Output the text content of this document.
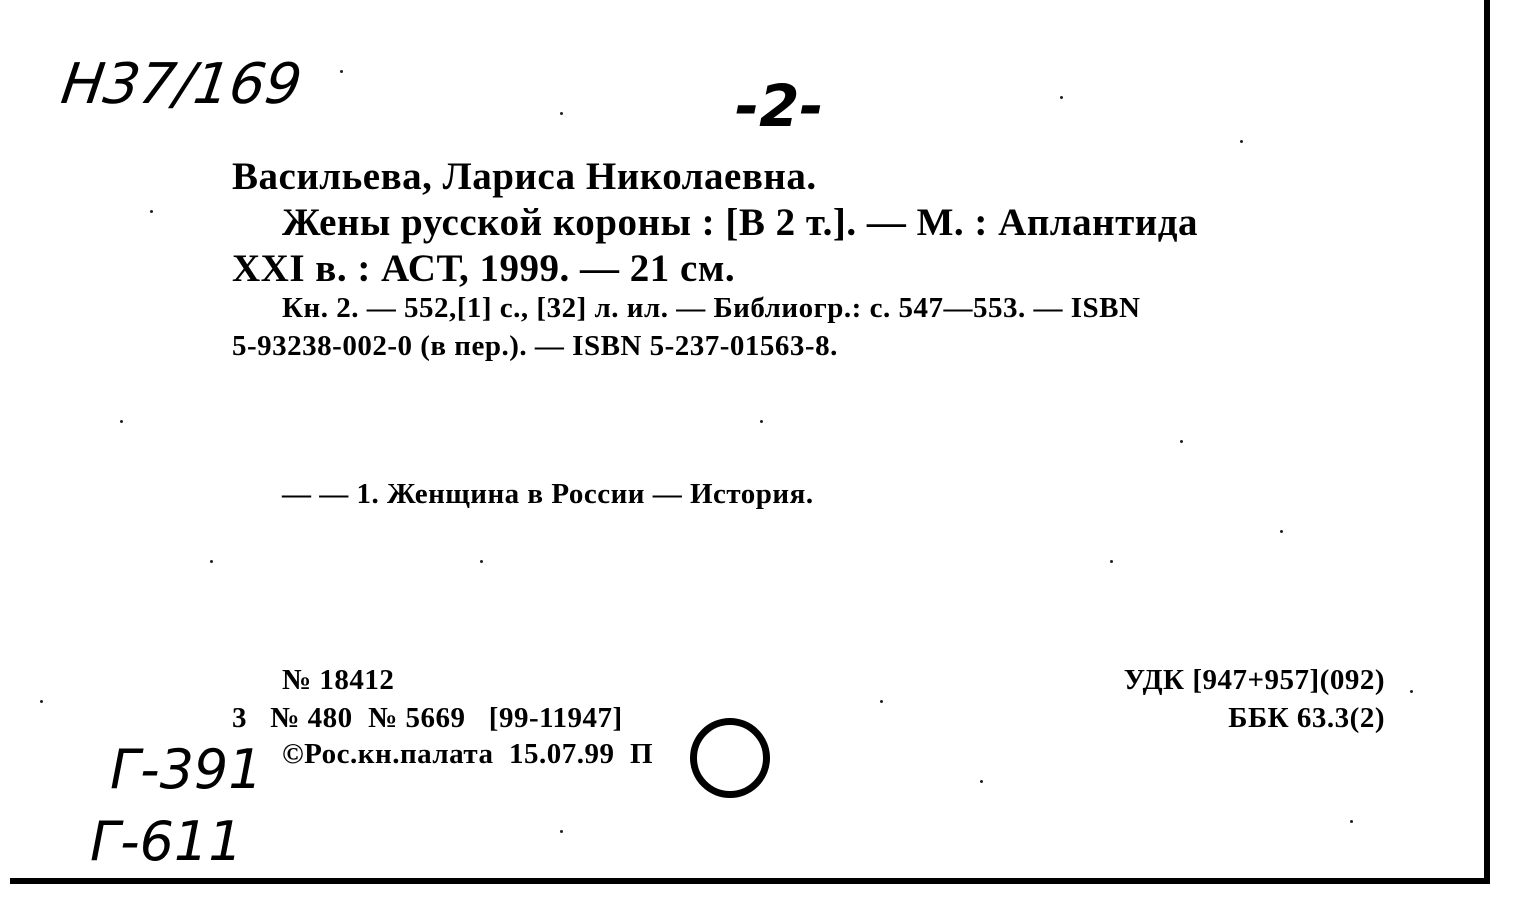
Н37/169	-2-
Г-391
Г-611
Васильева, Лариса Николаевна.
Жены русской короны : [В 2 т.]. — М. : Аплантида
XXI в. : АСТ, 1999. — 21 см.
Кн. 2. — 552,[1] с., [32] л. ил. — Библиогр.: с. 547—553. — ISBN
5-93238-002-0 (в пер.). — ISBN 5-237-01563-8.
— — 1. Женщина в России — История.
№ 18412
3   № 480  № 5669   [99-11947]
©Рос.кн.палата  15.07.99  П
УДК [947+957](092)
ББК 63.3(2)
